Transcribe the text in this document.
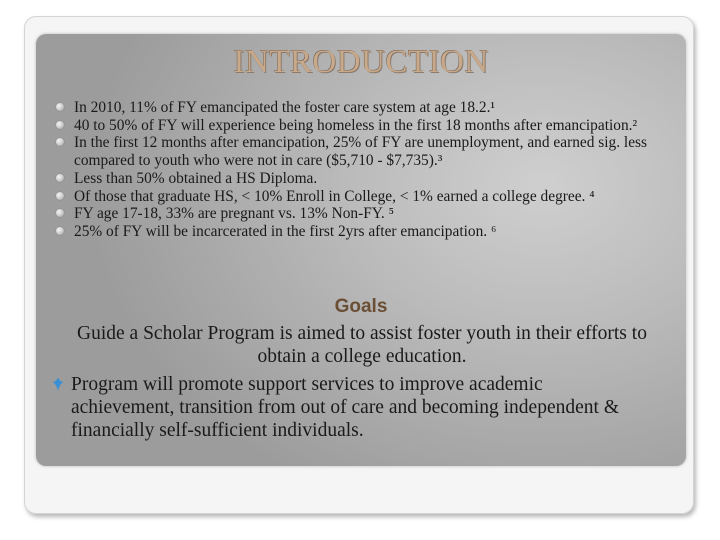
INTRODUCTION
In 2010, 11% of FY emancipated the foster care system at age 18.2.¹
40 to 50% of FY will experience being homeless in the first 18 months after emancipation.²
In the first 12 months after emancipation, 25% of FY are unemployment, and earned sig. less compared to youth who were not in care ($5,710 - $7,735).³
Less than 50% obtained a HS Diploma.
Of those that graduate HS, < 10% Enroll in College, < 1% earned a college degree. ⁴
FY age 17-18, 33% are pregnant vs. 13% Non-FY. ⁵
25% of FY will be incarcerated in the first 2yrs after emancipation. ⁶
Goals
Guide a Scholar Program is aimed to assist foster youth in their efforts to obtain a college education.
Program will promote support services to improve academic
achievement, transition from out of care and becoming independent &
financially self-sufficient individuals.
